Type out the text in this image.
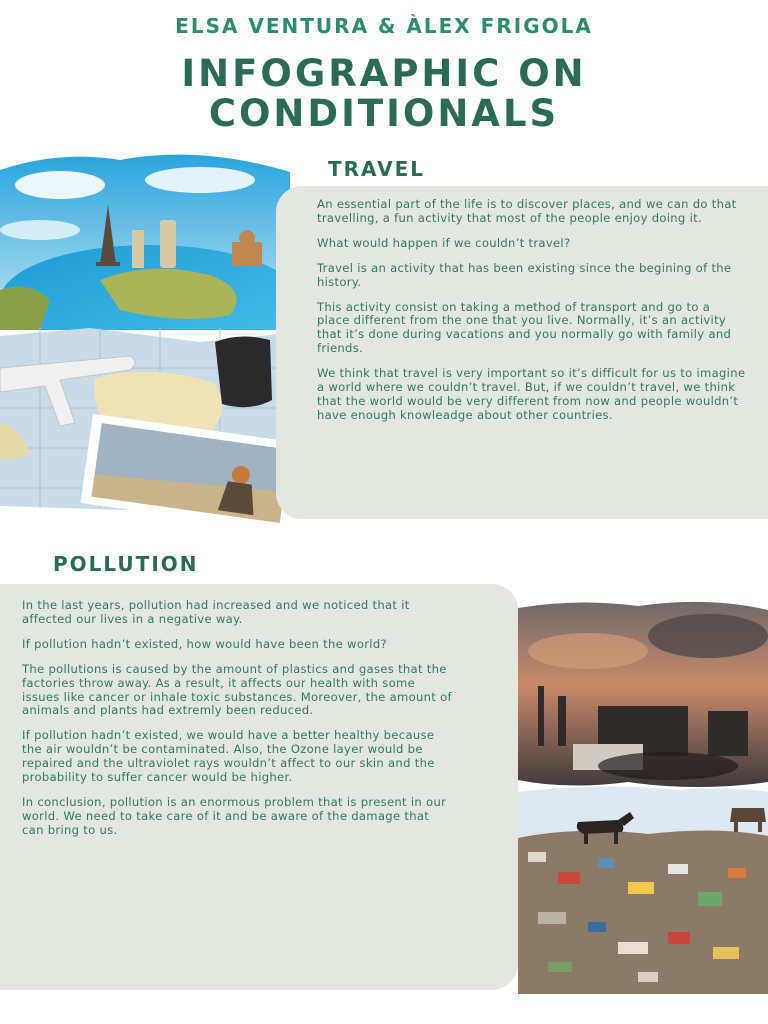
ELSA VENTURA & ÀLEX FRIGOLA
INFOGRAPHIC ON
CONDITIONALS
TRAVEL

An essential part of the life is to discover places, and we can do that travelling, a fun activity that most of the people enjoy doing it.

What would happen if we couldn’t travel?

Travel is an activity that has been existing since the begining of the history.

This activity consist on taking a method of transport and go to a place different from the one that you live. Normally, it’s an activity that it’s done during vacations and you normally go with family and friends.

We think that travel is very important so it’s difficult for us to imagine a world where we couldn’t travel. But, if we couldn’t travel, we think that the world would be very different from now and people wouldn’t have enough knowleadge about other countries.

POLLUTION

In the last years, pollution had increased and we noticed that it affected our lives in a negative way.

If pollution hadn’t existed, how would have been the world?

The pollutions is caused by the amount of plastics and gases that the factories throw away. As a result, it affects our health with some issues like cancer or inhale toxic substances. Moreover, the amount of animals and plants had extremly been reduced.

If pollution hadn’t existed, we would have a better healthy because the air wouldn’t be contaminated. Also, the Ozone layer would be repaired and the ultraviolet rays wouldn’t affect to our skin and the probability to suffer cancer would be higher.

In conclusion, pollution is an enormous problem that is present in our world. We need to take care of it and be aware of the damage that can bring to us.
